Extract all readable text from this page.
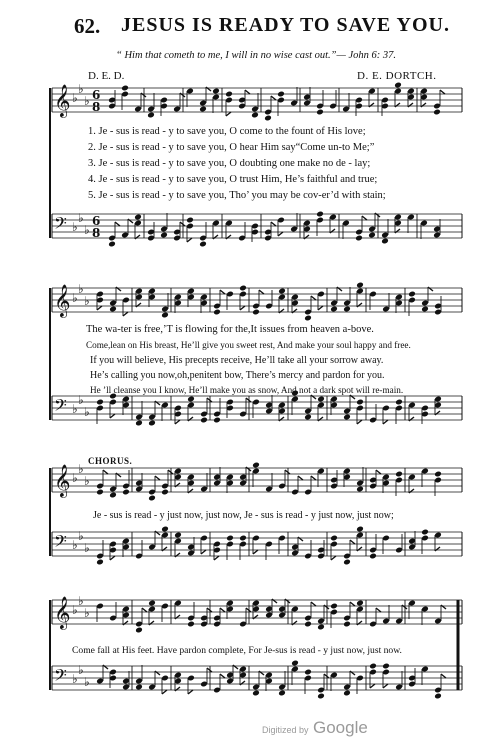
62. JESUS IS READY TO SAVE YOU.
“ Him that cometh to me, I will in no wise cast out.”— John 6: 37.
D. E. D.	D. E. DORTCH.
𝄞
𝄢
♭
♭
♭
♭
♭
♭
6
8
6
8
𝄞
𝄢
♭
♭
♭
♭
♭
♭
𝄞
𝄢
♭
♭
♭
♭
♭
♭
𝄞
𝄢
♭
♭
♭
♭
♭
♭
1. Je - sus is read - y to save you, O come to the fount of His love;
2. Je - sus is read - y to save you, O hear Him say“Come un-to Me;”
3. Je - sus is read - y to save you, O doubting one make no de - lay;
4. Je - sus is read - y to save you, O trust Him, He’s faithful and true;
5. Je - sus is read - y to save you, Tho’ you may be cov-er’d with stain;
The wa-ter is free,’T is flowing for the,It issues from heaven a-bove.
Come,lean on His breast, He’ll give you sweet rest, And make your soul happy and free.
If you will believe, His precepts receive, He’ll take all your sorrow away.
He’s calling you now,oh,penitent bow, There’s mercy and pardon for you.
He ’ll cleanse you I know, He’ll make you as snow, And not a dark spot will re-main.
CHORUS.
Je - sus is read - y just now, just now, Je - sus is read - y just now, just now;
Come fall at His feet. Have pardon complete, For Je-sus is read - y just now, just now.
Digitized by Google
